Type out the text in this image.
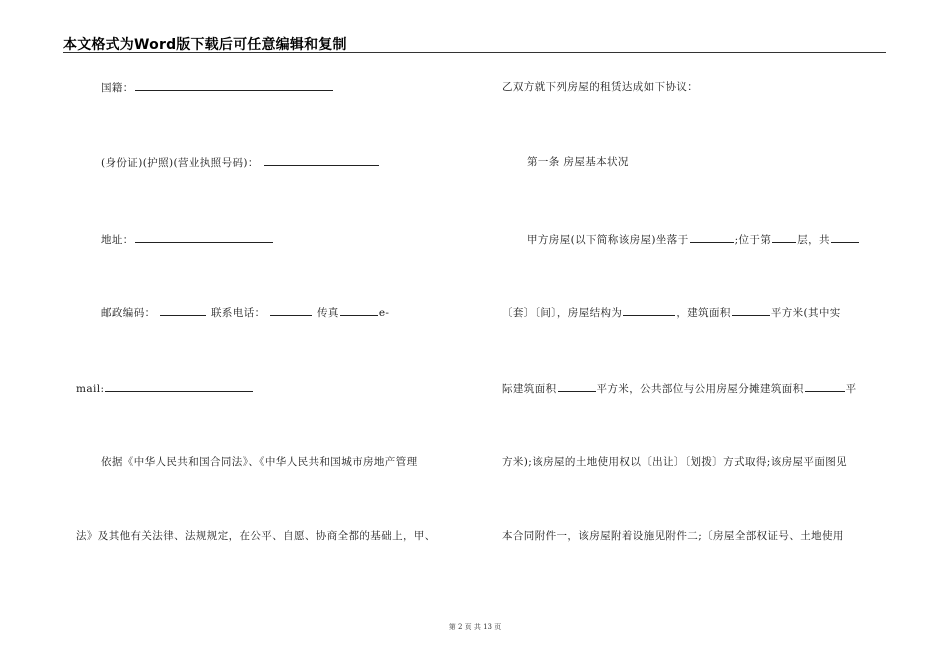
本文格式为Word版下载后可任意编辑和复制
国籍：
(身份证)(护照)(营业执照号码)：
地址：
邮政编码：	联系电话：	传真	e-
mail:
依据《中华人民共和国合同法》、《中华人民共和国城市房地产管理
法》及其他有关法律、法规规定，在公平、自愿、协商全都的基础上，甲、
乙双方就下列房屋的租赁达成如下协议：
第一条 房屋基本状况
甲方房屋(以下简称该房屋)坐落于	;位于第 层，共
〔套〕〔间〕，房屋结构为	，建筑面积	平方米(其中实
际建筑面积	平方米，公共部位与公用房屋分摊建筑面积	平
方米);该房屋的土地使用权以〔出让〕〔划拨〕方式取得;该房屋平面图见
本合同附件一，该房屋附着设施见附件二;〔房屋全部权证号、土地使用
第 2 页 共 13 页
